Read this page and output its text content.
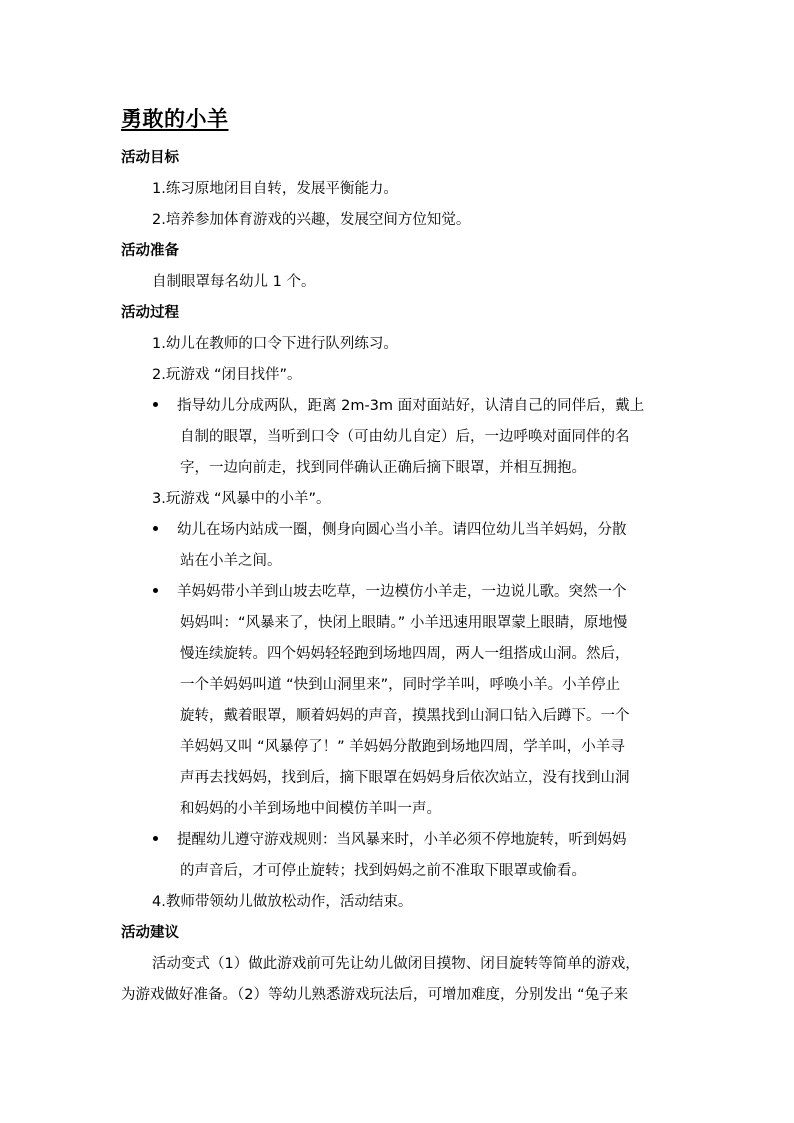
勇敢的小羊
活动目标
1.练习原地闭目自转，发展平衡能力。
2.培养参加体育游戏的兴趣，发展空间方位知觉。
活动准备
自制眼罩每名幼儿 1 个。
活动过程
1.幼儿在教师的口令下进行队列练习。
2.玩游戏 “闭目找伴”。
指导幼儿分成两队，距离 2m-3m 面对面站好，认清自己的同伴后，戴上
自制的眼罩，当听到口令（可由幼儿自定）后，一边呼唤对面同伴的名
字，一边向前走，找到同伴确认正确后摘下眼罩，并相互拥抱。
3.玩游戏 “风暴中的小羊”。
幼儿在场内站成一圈，侧身向圆心当小羊。请四位幼儿当羊妈妈，分散
站在小羊之间。
羊妈妈带小羊到山坡去吃草，一边模仿小羊走，一边说儿歌。突然一个
妈妈叫：“风暴来了，快闭上眼睛。” 小羊迅速用眼罩蒙上眼睛，原地慢
慢连续旋转。四个妈妈轻轻跑到场地四周，两人一组搭成山洞。然后，
一个羊妈妈叫道 “快到山洞里来”，同时学羊叫，呼唤小羊。小羊停止
旋转，戴着眼罩，顺着妈妈的声音，摸黑找到山洞口钻入后蹲下。一个
羊妈妈又叫 “风暴停了！” 羊妈妈分散跑到场地四周，学羊叫，小羊寻
声再去找妈妈，找到后，摘下眼罩在妈妈身后依次站立，没有找到山洞
和妈妈的小羊到场地中间模仿羊叫一声。
提醒幼儿遵守游戏规则：当风暴来时，小羊必须不停地旋转，听到妈妈
的声音后，才可停止旋转；找到妈妈之前不准取下眼罩或偷看。
4.教师带领幼儿做放松动作，活动结束。
活动建议
活动变式（1）做此游戏前可先让幼儿做闭目摸物、闭目旋转等简单的游戏，
为游戏做好准备。（2）等幼儿熟悉游戏玩法后，可增加难度，分别发出 “兔子来
